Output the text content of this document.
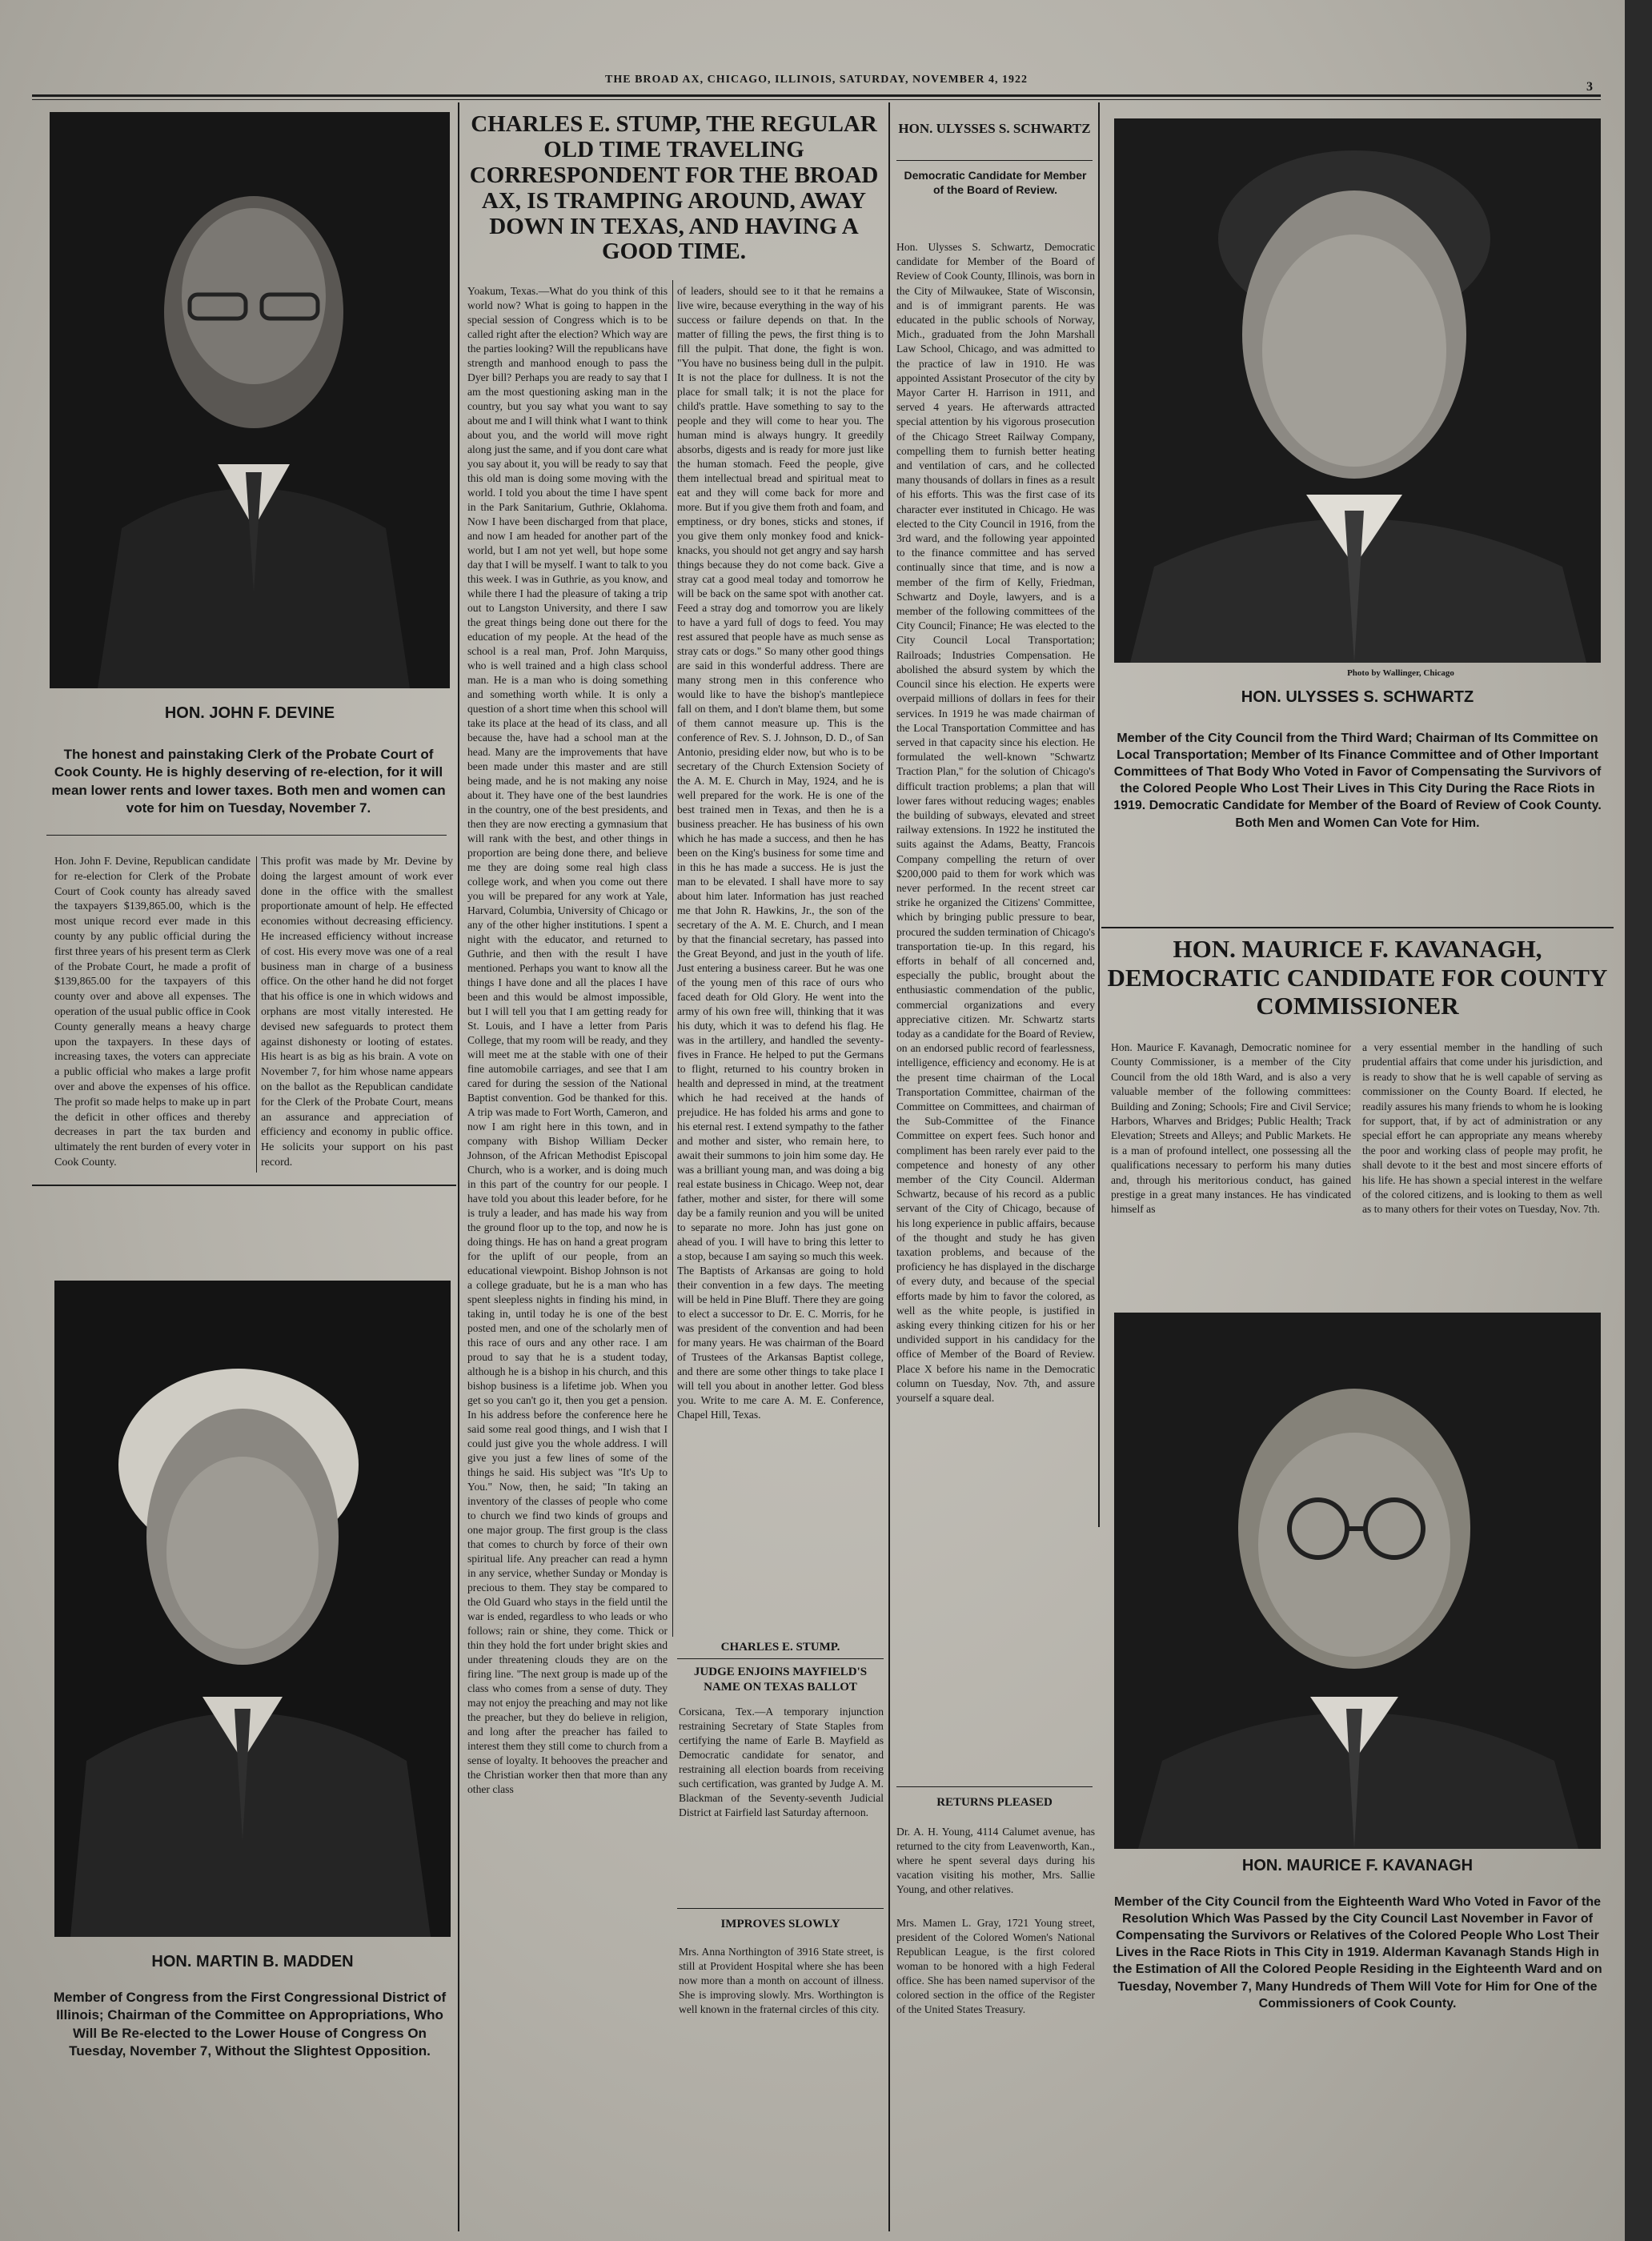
THE BROAD AX, CHICAGO, ILLINOIS, SATURDAY, NOVEMBER 4, 1922
3
HON. JOHN F. DEVINE
The honest and painstaking Clerk of the Probate Court of Cook County. He is highly deserving of re-election, for it will mean lower rents and lower taxes. Both men and women can vote for him on Tuesday, November 7.
Hon. John F. Devine, Republican candidate for re-election for Clerk of the Probate Court of Cook county has already saved the taxpayers $139,865.00, which is the most unique record ever made in this county by any public official during the first three years of his present term as Clerk of the Probate Court, he made a profit of $139,865.00 for the taxpayers of this county over and above all expenses. The operation of the usual public office in Cook County generally means a heavy charge upon the taxpayers. In these days of increasing taxes, the voters can appreciate a public official who makes a large profit over and above the expenses of his office. The profit so made helps to make up in part the deficit in other offices and thereby decreases in part the tax burden and ultimately the rent burden of every voter in Cook County.
This profit was made by Mr. Devine by doing the largest amount of work ever done in the office with the smallest proportionate amount of help. He effected economies without decreasing efficiency. He increased efficiency without increase of cost. His every move was one of a real business man in charge of a business office. On the other hand he did not forget that his office is one in which widows and orphans are most vitally interested. He devised new safeguards to protect them against dishonesty or looting of estates. His heart is as big as his brain. A vote on November 7, for him whose name appears on the ballot as the Republican candidate for the Clerk of the Probate Court, means an assurance and appreciation of efficiency and economy in public office. He solicits your support on his past record.
HON. MARTIN B. MADDEN
Member of Congress from the First Congressional District of Illinois; Chairman of the Committee on Appropriations, Who Will Be Re-elected to the Lower House of Congress On Tuesday, November 7, Without the Slightest Opposition.
CHARLES E. STUMP, THE REGULAR OLD TIME TRAVELING CORRESPONDENT FOR THE BROAD AX, IS TRAMPING AROUND, AWAY DOWN IN TEXAS, AND HAVING A GOOD TIME.
Yoakum, Texas.—What do you think of this world now? What is going to happen in the special session of Congress which is to be called right after the election? Which way are the parties looking? Will the republicans have strength and manhood enough to pass the Dyer bill? Perhaps you are ready to say that I am the most questioning asking man in the country, but you say what you want to say about me and I will think what I want to think about you, and the world will move right along just the same, and if you dont care what you say about it, you will be ready to say that this old man is doing some moving with the world. I told you about the time I have spent in the Park Sanitarium, Guthrie, Oklahoma. Now I have been discharged from that place, and now I am headed for another part of the world, but I am not yet well, but hope some day that I will be myself. I want to talk to you this week. I was in Guthrie, as you know, and while there I had the pleasure of taking a trip out to Langston University, and there I saw the great things being done out there for the education of my people. At the head of the school is a real man, Prof. John Marquiss, who is well trained and a high class school man. He is a man who is doing something and something worth while. It is only a question of a short time when this school will take its place at the head of its class, and all because the, have had a school man at the head. Many are the improvements that have been made under this master and are still being made, and he is not making any noise about it. They have one of the best laundries in the country, one of the best presidents, and then they are now erecting a gymnasium that will rank with the best, and other things in proportion are being done there, and believe me they are doing some real high class college work, and when you come out there you will be prepared for any work at Yale, Harvard, Columbia, University of Chicago or any of the other higher institutions. I spent a night with the educator, and returned to Guthrie, and then with the result I have mentioned. Perhaps you want to know all the things I have done and all the places I have been and this would be almost impossible, but I will tell you that I am getting ready for St. Louis, and I have a letter from Paris College, that my room will be ready, and they will meet me at the stable with one of their fine automobile carriages, and see that I am cared for during the session of the National Baptist convention. God be thanked for this. A trip was made to Fort Worth, Cameron, and now I am right here in this town, and in company with Bishop William Decker Johnson, of the African Methodist Episcopal Church, who is a worker, and is doing much in this part of the country for our people. I have told you about this leader before, for he is truly a leader, and has made his way from the ground floor up to the top, and now he is doing things. He has on hand a great program for the uplift of our people, from an educational viewpoint. Bishop Johnson is not a college graduate, but he is a man who has spent sleepless nights in finding his mind, in taking in, until today he is one of the best posted men, and one of the scholarly men of this race of ours and any other race. I am proud to say that he is a student today, although he is a bishop in his church, and this bishop business is a lifetime job. When you get so you can't go it, then you get a pension. In his address before the conference here he said some real good things, and I wish that I could just give you the whole address. I will give you just a few lines of some of the things he said. His subject was "It's Up to You." Now, then, he said; "In taking an inventory of the classes of people who come to church we find two kinds of groups and one major group. The first group is the class that comes to church by force of their own spiritual life. Any preacher can read a hymn in any service, whether Sunday or Monday is precious to them. They stay be compared to the Old Guard who stays in the field until the war is ended, regardless to who leads or who follows; rain or shine, they come. Thick or thin they hold the fort under bright skies and under threatening clouds they are on the firing line. "The next group is made up of the class who comes from a sense of duty. They may not enjoy the preaching and may not like the preacher, but they do believe in religion, and long after the preacher has failed to interest them they still come to church from a sense of loyalty. It behooves the preacher and the Christian worker then that more than any other class
of leaders, should see to it that he remains a live wire, because everything in the way of his success or failure depends on that. In the matter of filling the pews, the first thing is to fill the pulpit. That done, the fight is won. "You have no business being dull in the pulpit. It is not the place for dullness. It is not the place for small talk; it is not the place for child's prattle. Have something to say to the people and they will come to hear you. The human mind is always hungry. It greedily absorbs, digests and is ready for more just like the human stomach. Feed the people, give them intellectual bread and spiritual meat to eat and they will come back for more and more. But if you give them froth and foam, and emptiness, or dry bones, sticks and stones, if you give them only monkey food and knick-knacks, you should not get angry and say harsh things because they do not come back. Give a stray cat a good meal today and tomorrow he will be back on the same spot with another cat. Feed a stray dog and tomorrow you are likely to have a yard full of dogs to feed. You may rest assured that people have as much sense as stray cats or dogs." So many other good things are said in this wonderful address. There are many strong men in this conference who would like to have the bishop's mantlepiece fall on them, and I don't blame them, but some of them cannot measure up. This is the conference of Rev. S. J. Johnson, D. D., of San Antonio, presiding elder now, but who is to be secretary of the Church Extension Society of the A. M. E. Church in May, 1924, and he is well prepared for the work. He is one of the best trained men in Texas, and then he is a business preacher. He has business of his own which he has made a success, and then he has been on the King's business for some time and in this he has made a success. He is just the man to be elevated. I shall have more to say about him later. Information has just reached me that John R. Hawkins, Jr., the son of the secretary of the A. M. E. Church, and I mean by that the financial secretary, has passed into the Great Beyond, and just in the youth of life. Just entering a business career. But he was one of the young men of this race of ours who faced death for Old Glory. He went into the army of his own free will, thinking that it was his duty, which it was to defend his flag. He was in the artillery, and handled the seventy-fives in France. He helped to put the Germans to flight, returned to his country broken in health and depressed in mind, at the treatment which he had received at the hands of prejudice. He has folded his arms and gone to his eternal rest. I extend sympathy to the father and mother and sister, who remain here, to await their summons to join him some day. He was a brilliant young man, and was doing a big real estate business in Chicago. Weep not, dear father, mother and sister, for there will some day be a family reunion and you will be united to separate no more. John has just gone on ahead of you. I will have to bring this letter to a stop, because I am saying so much this week. The Baptists of Arkansas are going to hold their convention in a few days. The meeting will be held in Pine Bluff. There they are going to elect a successor to Dr. E. C. Morris, for he was president of the convention and had been for many years. He was chairman of the Board of Trustees of the Arkansas Baptist college, and there are some other things to take place I will tell you about in another letter. God bless you. Write to me care A. M. E. Conference, Chapel Hill, Texas.
CHARLES E. STUMP.
JUDGE ENJOINS MAYFIELD'S NAME ON TEXAS BALLOT
Corsicana, Tex.—A temporary injunction restraining Secretary of State Staples from certifying the name of Earle B. Mayfield as Democratic candidate for senator, and restraining all election boards from receiving such certification, was granted by Judge A. M. Blackman of the Seventy-seventh Judicial District at Fairfield last Saturday afternoon.
IMPROVES SLOWLY
Mrs. Anna Northington of 3916 State street, is still at Provident Hospital where she has been now more than a month on account of illness. She is improving slowly. Mrs. Worthington is well known in the fraternal circles of this city.
HON. ULYSSES S. SCHWARTZ
Democratic Candidate for Member of the Board of Review.
Hon. Ulysses S. Schwartz, Democratic candidate for Member of the Board of Review of Cook County, Illinois, was born in the City of Milwaukee, State of Wisconsin, and is of immigrant parents. He was educated in the public schools of Norway, Mich., graduated from the John Marshall Law School, Chicago, and was admitted to the practice of law in 1910. He was appointed Assistant Prosecutor of the city by Mayor Carter H. Harrison in 1911, and served 4 years. He afterwards attracted special attention by his vigorous prosecution of the Chicago Street Railway Company, compelling them to furnish better heating and ventilation of cars, and he collected many thousands of dollars in fines as a result of his efforts. This was the first case of its character ever instituted in Chicago. He was elected to the City Council in 1916, from the 3rd ward, and the following year appointed to the finance committee and has served continually since that time, and is now a member of the firm of Kelly, Friedman, Schwartz and Doyle, lawyers, and is a member of the following committees of the City Council; Finance; He was elected to the City Council Local Transportation; Railroads; Industries Compensation. He abolished the absurd system by which the Council since his election. He experts were overpaid millions of dollars in fees for their services. In 1919 he was made chairman of the Local Transportation Committee and has served in that capacity since his election. He formulated the well-known "Schwartz Traction Plan," for the solution of Chicago's difficult traction problems; a plan that will lower fares without reducing wages; enables the building of subways, elevated and street railway extensions. In 1922 he instituted the suits against the Adams, Beatty, Francois Company compelling the return of over $200,000 paid to them for work which was never performed. In the recent street car strike he organized the Citizens' Committee, which by bringing public pressure to bear, procured the sudden termination of Chicago's transportation tie-up. In this regard, his efforts in behalf of all concerned and, especially the public, brought about the enthusiastic commendation of the public, commercial organizations and every appreciative citizen. Mr. Schwartz starts today as a candidate for the Board of Review, on an endorsed public record of fearlessness, intelligence, efficiency and economy. He is at the present time chairman of the Local Transportation Committee, chairman of the Committee on Committees, and chairman of the Sub-Committee of the Finance Committee on expert fees. Such honor and compliment has been rarely ever paid to the competence and honesty of any other member of the City Council. Alderman Schwartz, because of his record as a public servant of the City of Chicago, because of his long experience in public affairs, because of the thought and study he has given taxation problems, and because of the proficiency he has displayed in the discharge of every duty, and because of the special efforts made by him to favor the colored, as well as the white people, is justified in asking every thinking citizen for his or her undivided support in his candidacy for the office of Member of the Board of Review. Place X before his name in the Democratic column on Tuesday, Nov. 7th, and assure yourself a square deal.
RETURNS PLEASED
Dr. A. H. Young, 4114 Calumet avenue, has returned to the city from Leavenworth, Kan., where he spent several days during his vacation visiting his mother, Mrs. Sallie Young, and other relatives.
Mrs. Mamen L. Gray, 1721 Young street, president of the Colored Women's National Republican League, is the first colored woman to be honored with a high Federal office. She has been named supervisor of the colored section in the office of the Register of the United States Treasury.
Photo by Wallinger, Chicago
HON. ULYSSES S. SCHWARTZ
Member of the City Council from the Third Ward; Chairman of Its Committee on Local Transportation; Member of Its Finance Committee and of Other Important Committees of That Body Who Voted in Favor of Compensating the Survivors of the Colored People Who Lost Their Lives in This City During the Race Riots in 1919. Democratic Candidate for Member of the Board of Review of Cook County. Both Men and Women Can Vote for Him.
HON. MAURICE F. KAVANAGH, DEMOCRATIC CANDIDATE FOR COUNTY COMMISSIONER
Hon. Maurice F. Kavanagh, Democratic nominee for County Commissioner, is a member of the City Council from the old 18th Ward, and is also a very valuable member of the following committees: Building and Zoning; Schools; Fire and Civil Service; Harbors, Wharves and Bridges; Public Health; Track Elevation; Streets and Alleys; and Public Markets. He is a man of profound intellect, one possessing all the qualifications necessary to perform his many duties and, through his meritorious conduct, has gained prestige in a great many instances. He has vindicated himself as
a very essential member in the handling of such prudential affairs that come under his jurisdiction, and is ready to show that he is well capable of serving as commissioner on the County Board. If elected, he readily assures his many friends to whom he is looking for support, that, if by act of administration or any special effort he can appropriate any means whereby the poor and working class of people may profit, he shall devote to it the best and most sincere efforts of his life. He has shown a special interest in the welfare of the colored citizens, and is looking to them as well as to many others for their votes on Tuesday, Nov. 7th.
HON. MAURICE F. KAVANAGH
Member of the City Council from the Eighteenth Ward Who Voted in Favor of the Resolution Which Was Passed by the City Council Last November in Favor of Compensating the Survivors or Relatives of the Colored People Who Lost Their Lives in the Race Riots in This City in 1919. Alderman Kavanagh Stands High in the Estimation of All the Colored People Residing in the Eighteenth Ward and on Tuesday, November 7, Many Hundreds of Them Will Vote for Him for One of the Commissioners of Cook County.
